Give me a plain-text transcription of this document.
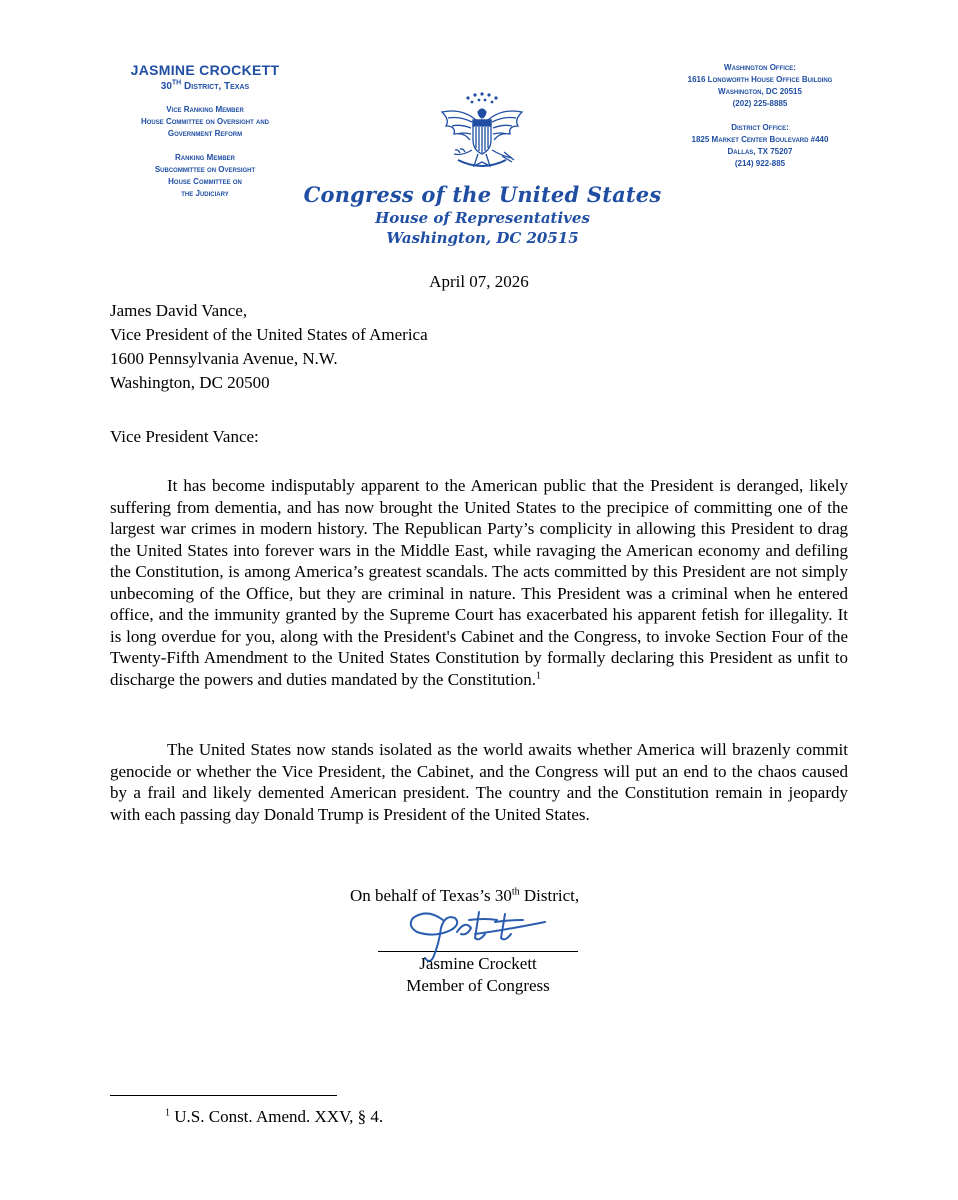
JASMINE CROCKETT
30TH District, Texas
Vice Ranking Member
House Committee on Oversight and
Government Reform
Ranking Member
Subcommittee on Oversight
House Committee on
the Judiciary
Washington Office:
1616 Longworth House Office Building
Washington, DC 20515
(202) 225-8885
District Office:
1825 Market Center Boulevard #440
Dallas, TX 75207
(214) 922-885
Congress of the United States
House of Representatives
Washington, DC 20515
April 07, 2026
James David Vance,
Vice President of the United States of America
1600 Pennsylvania Avenue, N.W.
Washington, DC 20500
Vice President Vance:
It has become indisputably apparent to the American public that the President is deranged, likely suffering from dementia, and has now brought the United States to the precipice of committing one of the largest war crimes in modern history. The Republican Party’s complicity in allowing this President to drag the United States into forever wars in the Middle East, while ravaging the American economy and defiling the Constitution, is among America’s greatest scandals. The acts committed by this President are not simply unbecoming of the Office, but they are criminal in nature. This President was a criminal when he entered office, and the immunity granted by the Supreme Court has exacerbated his apparent fetish for illegality. It is long overdue for you, along with the President's Cabinet and the Congress, to invoke Section Four of the Twenty-Fifth Amendment to the United States Constitution by formally declaring this President as unfit to discharge the powers and duties mandated by the Constitution.$^1$
The United States now stands isolated as the world awaits whether America will brazenly commit genocide or whether the Vice President, the Cabinet, and the Congress will put an end to the chaos caused by a frail and likely demented American president. The country and the Constitution remain in jeopardy with each passing day Donald Trump is President of the United States.
On behalf of Texas’s 30th District,
Jasmine Crockett
Member of Congress
$^1$ U.S. Const. Amend. XXV, § 4.
